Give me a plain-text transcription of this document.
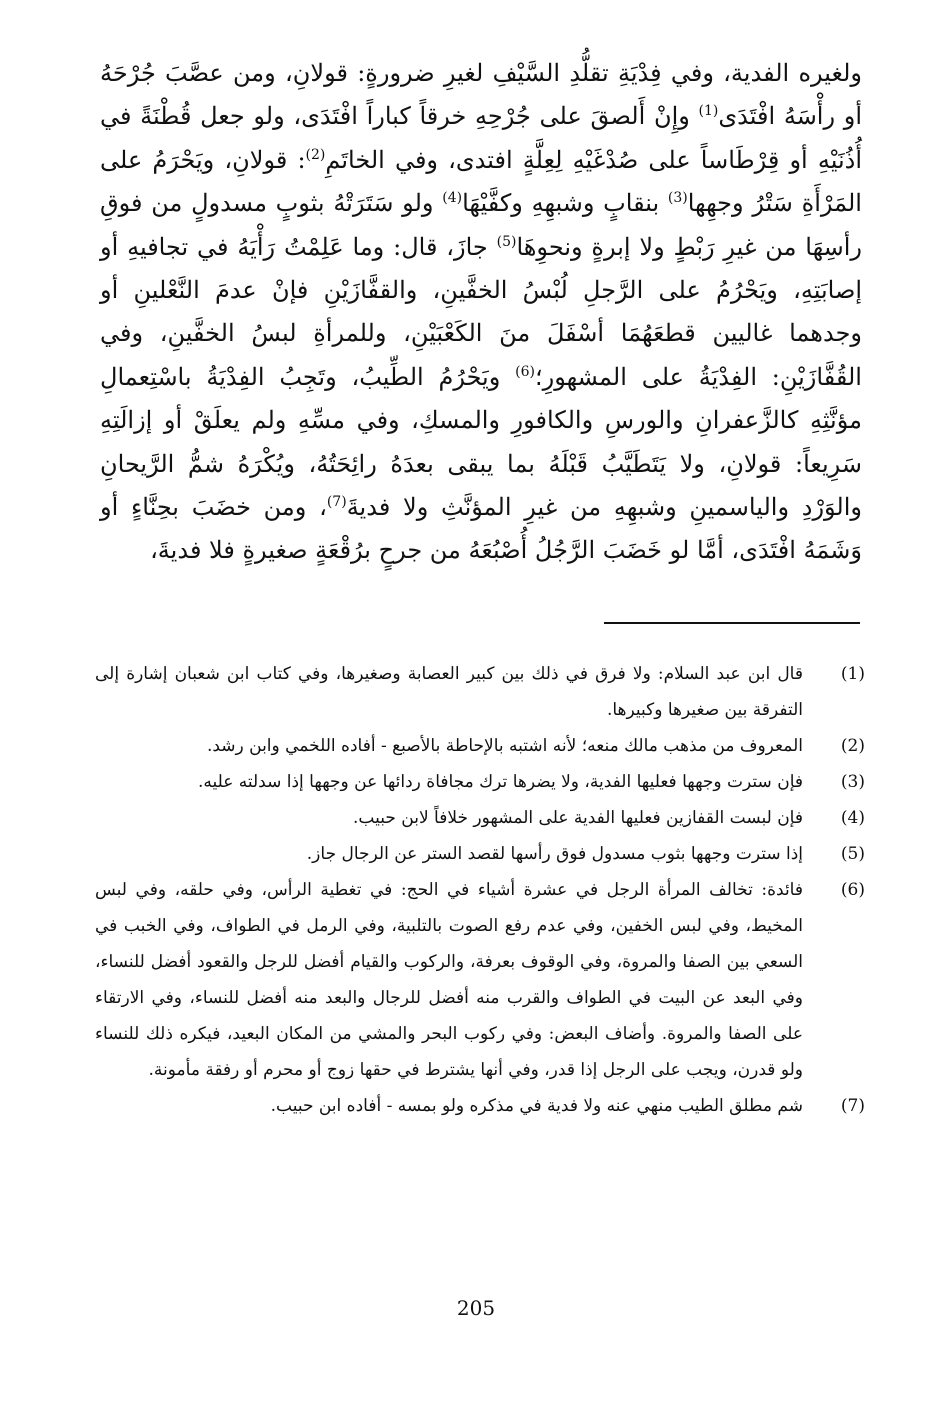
ولغيره الفدية، وفي فِدْيَةِ تقلُّدِ السَّيْفِ لغيرِ ضرورةٍ: قولانِ، ومن عصَّبَ جُرْحَهُ أو رأْسَهُ افْتَدَى$^{(1)}$ وإِنْ أَلصقَ على جُرْحِهِ خرقاً كباراً افْتَدَى، ولو جعل قُطْنَةً في أُذُنَيْهِ أو قِرْطَاساً على صُدْغَيْهِ لِعِلَّةٍ افتدى، وفي الخاتَمِ$^{(2)}$: قولانِ، ويَحْرَمُ على المَرْأَةِ سَتْرُ وجهِها$^{(3)}$ بنقابٍ وشبهِهِ وكفَّيْهَا$^{(4)}$ ولو سَتَرَتْهُ بثوبٍ مسدولٍ من فوقِ رأسِهَا من غيرِ رَبْطٍ ولا إبرةٍ ونحوِهَا$^{(5)}$ جازَ، قال: وما عَلِمْتُ رَأْيَهُ في تجافيهِ أو إصابَتِهِ، ويَحْرُمُ على الرَّجلِ لُبْسُ الخفَّينِ، والقفَّازَيْنِ فإنْ عدمَ النَّعْلينِ أو وجدهما غاليين قطعَهُمَا أسْفَلَ منَ الكَعْبَيْنِ، وللمرأةِ لبسُ الخفَّينِ، وفي القُفَّازَيْنِ: الفِدْيَةُ على المشهورِ؛$^{(6)}$ ويَحْرُمُ الطِّيبُ، وتَجِبُ الفِدْيَةُ باسْتِعمالِ مؤنَّثِهِ كالزَّعفرانِ والورسِ والكافورِ والمسكِ، وفي مسِّهِ ولم يعلَقْ أو إزالَتِهِ سَرِيعاً: قولانِ، ولا يَتَطَيَّبُ قَبْلَهُ بما يبقى بعدَهُ رائِحَتُهُ، ويُكْرَهُ شمُّ الرَّيحانِ والوَرْدِ والياسمينِ وشبهِهِ من غيرِ المؤنَّثِ ولا فديةَ$^{(7)}$، ومن خضَبَ بحِنَّاءٍ أو وَشَمَهُ افْتَدَى، أمَّا لو خَضَبَ الرَّجُلُ أُصْبُعَهُ من جرحٍ برُقْعَةٍ صغيرةٍ فلا فديةَ،

(1)
قال ابن عبد السلام: ولا فرق في ذلك بين كبير العصابة وصغيرها، وفي كتاب ابن شعبان إشارة إلى التفرقة بين صغيرها وكبيرها.
(2)
المعروف من مذهب مالك منعه؛ لأنه اشتبه بالإحاطة بالأصبع - أفاده اللخمي وابن رشد.
(3)
فإن سترت وجهها فعليها الفدية، ولا يضرها ترك مجافاة ردائها عن وجهها إذا سدلته عليه.
(4)
فإن لبست القفازين فعليها الفدية على المشهور خلافاً لابن حبيب.
(5)
إذا سترت وجهها بثوب مسدول فوق رأسها لقصد الستر عن الرجال جاز.
(6)
فائدة: تخالف المرأة الرجل في عشرة أشياء في الحج: في تغطية الرأس، وفي حلقه، وفي لبس المخيط، وفي لبس الخفين، وفي عدم رفع الصوت بالتلبية، وفي الرمل في الطواف، وفي الخبب في السعي بين الصفا والمروة، وفي الوقوف بعرفة، والركوب والقيام أفضل للرجل والقعود أفضل للنساء، وفي البعد عن البيت في الطواف والقرب منه أفضل للرجال والبعد منه أفضل للنساء، وفي الارتقاء على الصفا والمروة. وأضاف البعض: وفي ركوب البحر والمشي من المكان البعيد، فيكره ذلك للنساء ولو قدرن، ويجب على الرجل إذا قدر، وفي أنها يشترط في حقها زوج أو محرم أو رفقة مأمونة.
(7)
شم مطلق الطيب منهي عنه ولا فدية في مذكره ولو بمسه - أفاده ابن حبيب.
205
